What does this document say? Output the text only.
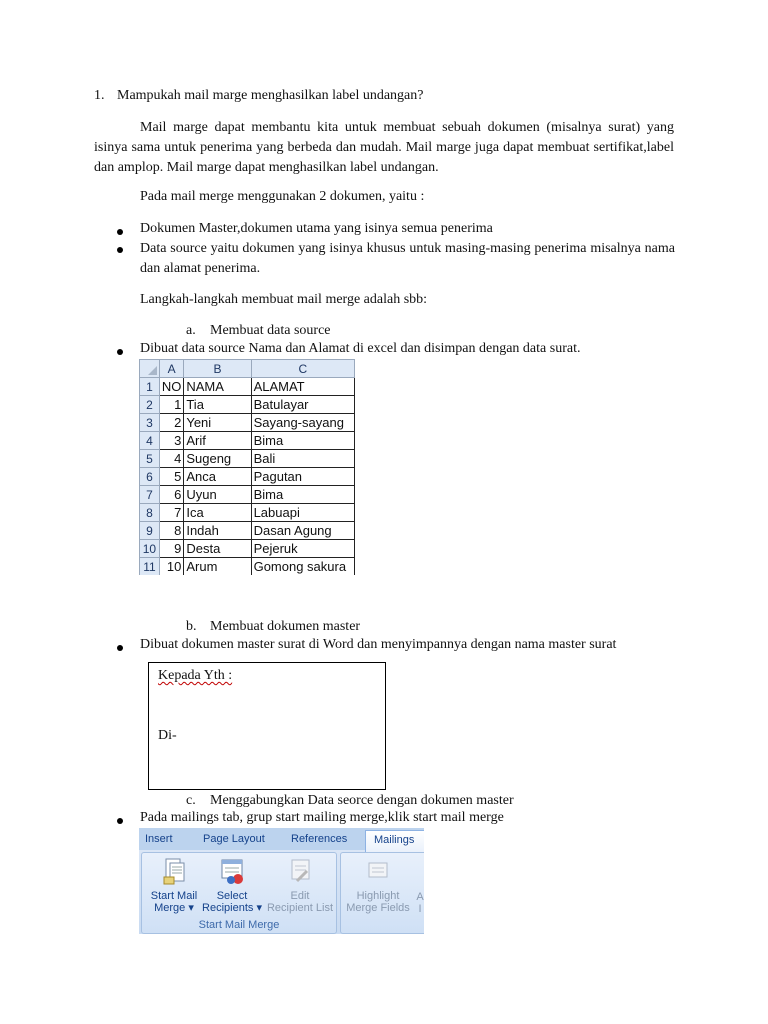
1. Mampukah mail marge menghasilkan label undangan?
Mail marge dapat membantu kita untuk membuat sebuah dokumen (misalnya surat) yang isinya sama untuk penerima yang berbeda dan mudah. Mail marge juga dapat membuat sertifikat,label dan amplop. Mail marge dapat menghasilkan label undangan.
Pada mail merge menggunakan 2 dokumen, yaitu :
Dokumen Master,dokumen utama yang isinya semua penerima
Data source yaitu dokumen yang isinya khusus untuk masing-masing penerima misalnya nama dan alamat penerima.
Langkah-langkah membuat mail merge adalah sbb:
a. Membuat data source
Dibuat data source Nama dan Alamat di excel dan disimpan dengan data surat.
	A	B	C
1	NO	NAMA	ALAMAT
2	1	Tia	Batulayar
3	2	Yeni	Sayang-sayang
4	3	Arif	Bima
5	4	Sugeng	Bali
6	5	Anca	Pagutan
7	6	Uyun	Bima
8	7	Ica	Labuapi
9	8	Indah	Dasan Agung
10	9	Desta	Pejeruk
11	10	Arum	Gomong sakura
b. Membuat dokumen master
Dibuat dokumen master surat di Word dan menyimpannya dengan nama master surat
Kepada Yth :
Di-
c. Menggabungkan Data seorce dengan dokumen master
Pada mailings tab, grup start mailing merge,klik start mail merge
Insert	Page Layout References	Mailings
Start Mail
Merge ▾
Select
Recipients ▾
Edit
Recipient List
Start Mail Merge
Highlight
Merge Fields
A
I
